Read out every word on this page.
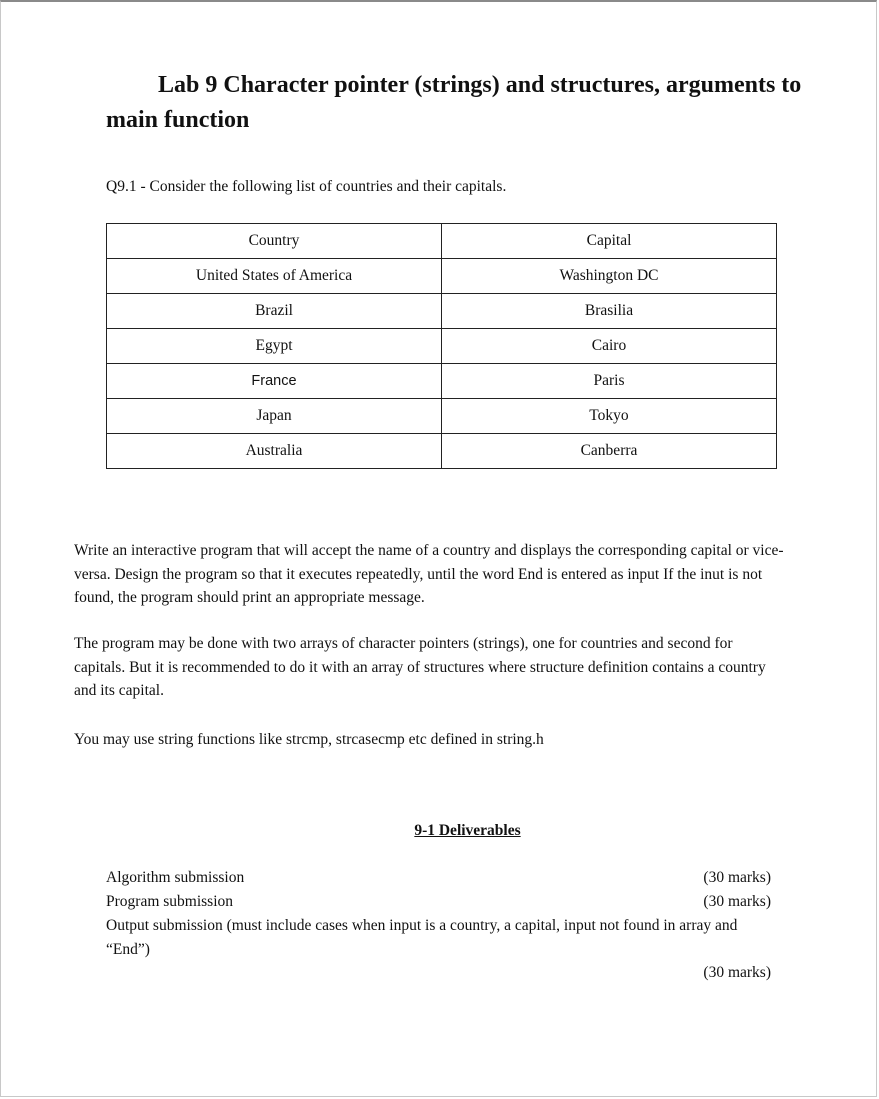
Lab 9 Character pointer (strings) and structures, arguments to main function
Q9.1 - Consider the following list of countries and their capitals.
Country	Capital
United States of America	Washington DC
Brazil	Brasilia
Egypt	Cairo
France	Paris
Japan	Tokyo
Australia	Canberra

Write an interactive program that will accept the name of a country and displays the corresponding capital or vice-versa. Design the program so that it executes repeatedly, until the word End is entered as input If the inut is not found, the program should print an appropriate message.

The program may be done with two arrays of character pointers (strings), one for countries and second for capitals. But it is recommended to do it with an array of structures where structure definition contains a country and its capital.

You may use string functions like strcmp, strcasecmp etc defined in string.h

9-1 Deliverables
Algorithm submission	(30 marks)
Program submission	(30 marks)
Output submission (must include cases when input is a country, a capital, input not found in array and “End”)
(30 marks)
